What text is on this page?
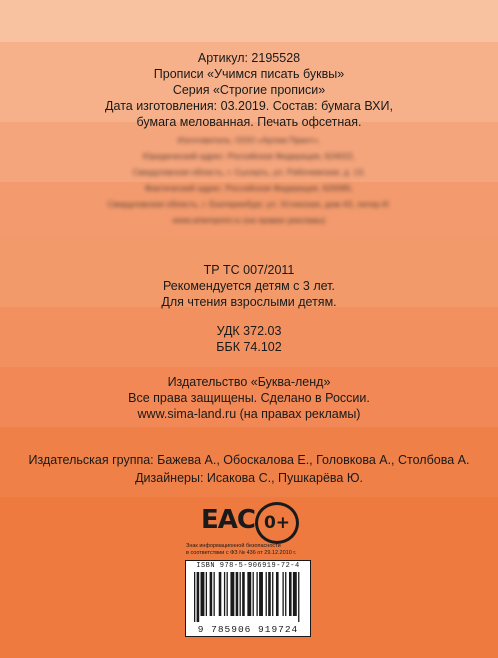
Артикул: 2195528
Прописи «Учимся писать буквы»
Серия «Строгие прописи»
Дата изготовления: 03.2019. Состав: бумага ВХИ,
бумага мелованная. Печать офсетная.
Изготовитель: ООО «Артем Принт».
Юридический адрес: Российская Федерация, 624022,
Свердловская область, г. Сысерть, ул. Рабочемская, д. 13.
Фактический адрес: Российская Федерация, 620085,
Свердловская область, г. Екатеринбург, ул. Устинская, дом 43, литер И.
www.artemprint.ru (на правах рекламы)
ТР ТС 007/2011
Рекомендуется детям с 3 лет.
Для чтения взрослыми детям.
УДК 372.03
ББК 74.102
Издательство «Буква-ленд»
Все права защищены. Сделано в России.
www.sima-land.ru (на правах рекламы)
Издательская группа: Бажева А., Обоскалова Е., Головкова А., Столбова А.
Дизайнеры: Исакова С., Пушкарёва Ю.
EAC 0+
Знак информационной безопасности
в соответствии с ФЗ № 436 от 29.12.2010 г.
ISBN 978-5-906919-72-4
9 785906 919724
